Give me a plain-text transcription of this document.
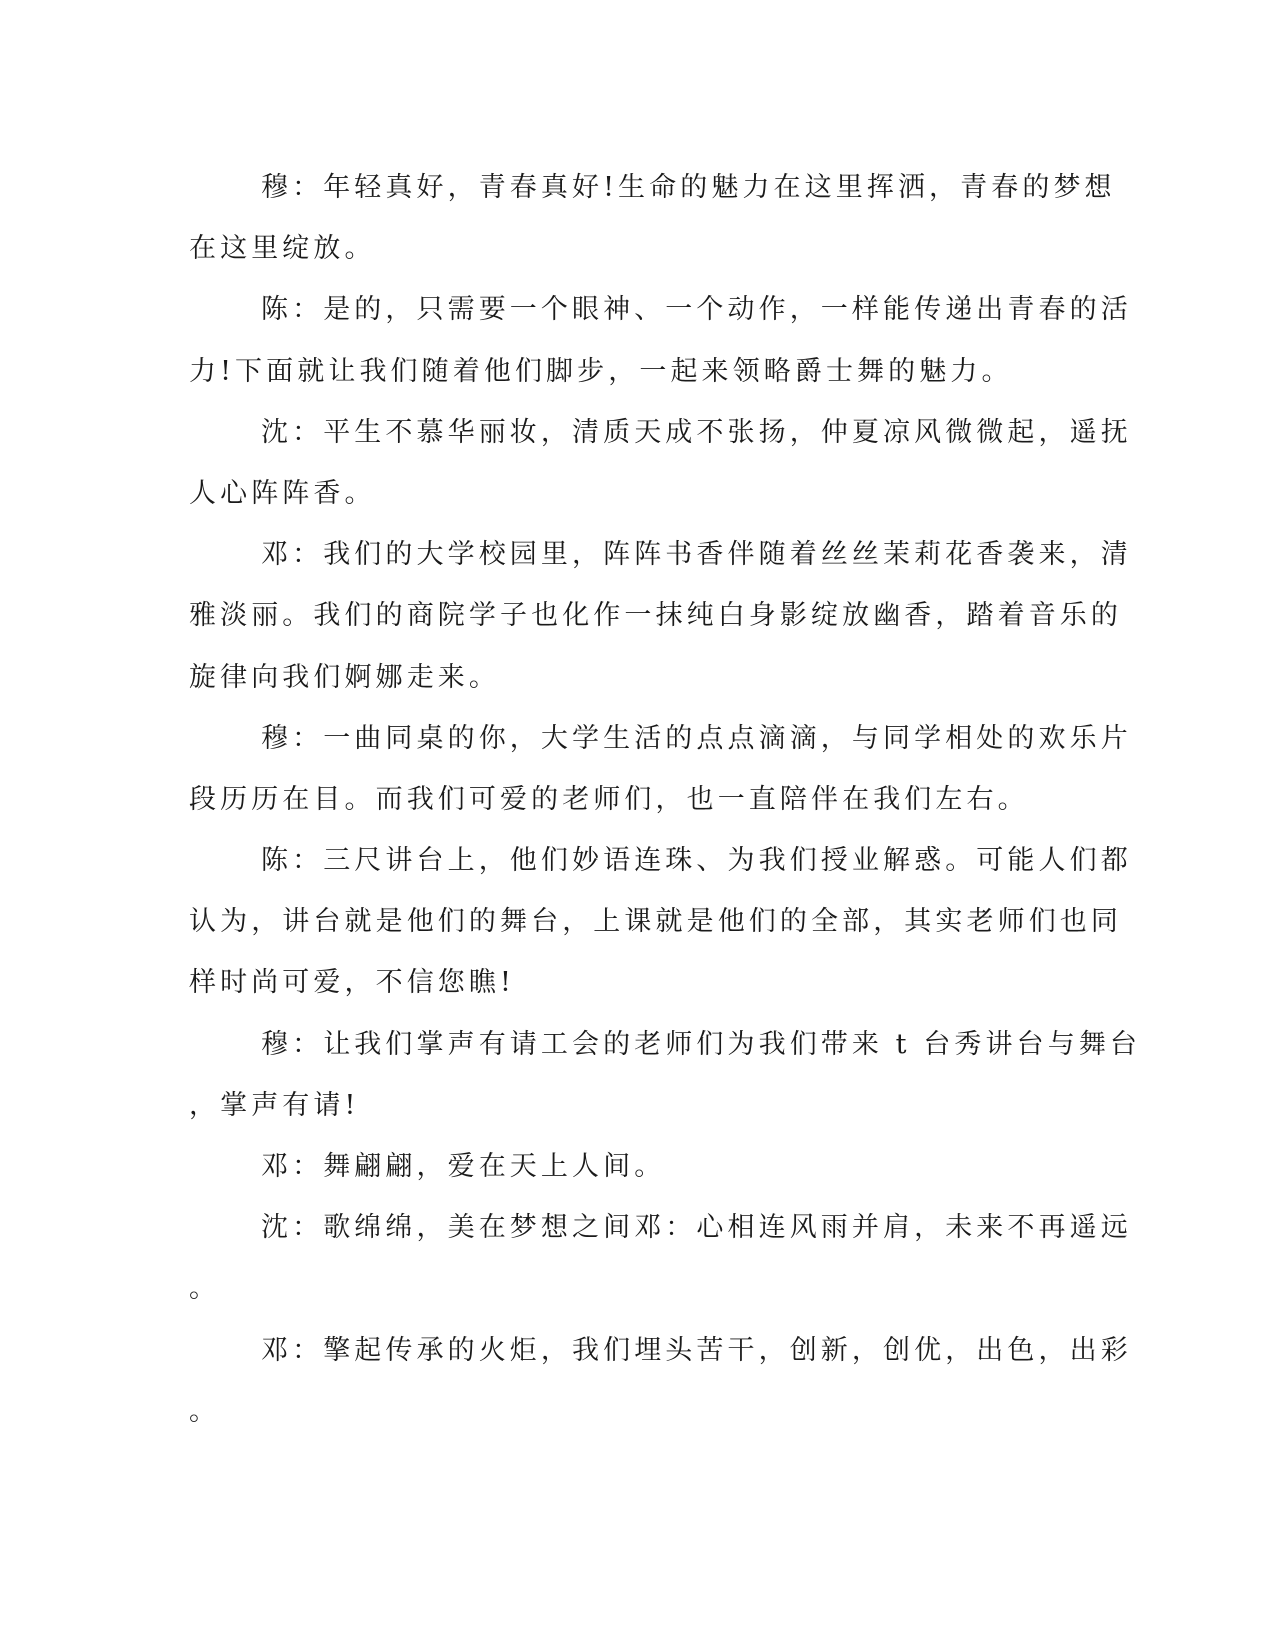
穆：年轻真好，青春真好!生命的魅力在这里挥洒，青春的梦想
在这里绽放。
陈：是的，只需要一个眼神、一个动作，一样能传递出青春的活
力!下面就让我们随着他们脚步，一起来领略爵士舞的魅力。
沈：平生不慕华丽妆，清质天成不张扬，仲夏凉风微微起，遥抚
人心阵阵香。
邓：我们的大学校园里，阵阵书香伴随着丝丝茉莉花香袭来，清
雅淡丽。我们的商院学子也化作一抹纯白身影绽放幽香，踏着音乐的
旋律向我们婀娜走来。
穆：一曲同桌的你，大学生活的点点滴滴，与同学相处的欢乐片
段历历在目。而我们可爱的老师们，也一直陪伴在我们左右。
陈：三尺讲台上，他们妙语连珠、为我们授业解惑。可能人们都
认为，讲台就是他们的舞台，上课就是他们的全部，其实老师们也同
样时尚可爱，不信您瞧!
穆：让我们掌声有请工会的老师们为我们带来 t 台秀讲台与舞台
，掌声有请!
邓：舞翩翩，爱在天上人间。
沈：歌绵绵，美在梦想之间邓：心相连风雨并肩，未来不再遥远
。
邓：擎起传承的火炬，我们埋头苦干，创新，创优，出色，出彩
。
